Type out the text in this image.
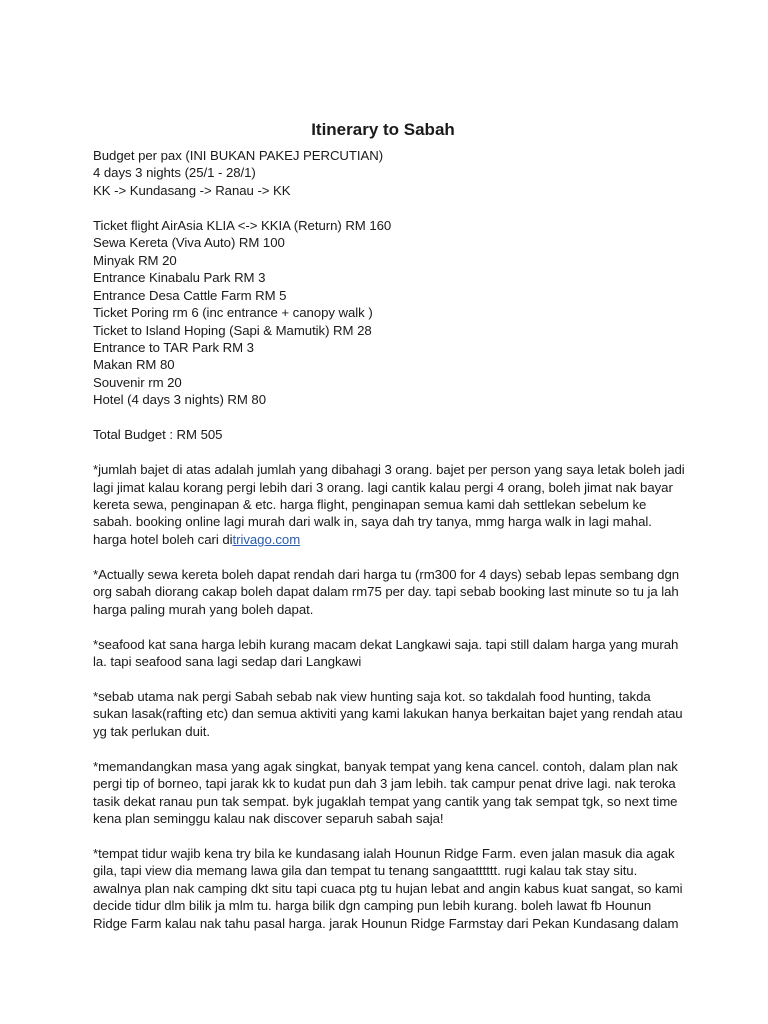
Itinerary to Sabah
Budget per pax (INI BUKAN PAKEJ PERCUTIAN)
4 days 3 nights (25/1 - 28/1)
KK -> Kundasang -> Ranau -> KK
Ticket flight AirAsia KLIA <-> KKIA (Return) RM 160
Sewa Kereta (Viva Auto) RM 100
Minyak RM 20
Entrance Kinabalu Park RM 3
Entrance Desa Cattle Farm RM 5
Ticket Poring rm 6 (inc entrance + canopy walk )
Ticket to Island Hoping (Sapi & Mamutik) RM 28
Entrance to TAR Park RM 3
Makan RM 80
Souvenir rm 20
Hotel (4 days 3 nights) RM 80
Total Budget : RM 505
*jumlah bajet di atas adalah jumlah yang dibahagi 3 orang. bajet per person yang saya letak boleh jadi
lagi jimat kalau korang pergi lebih dari 3 orang. lagi cantik kalau pergi 4 orang, boleh jimat nak bayar
kereta sewa, penginapan & etc. harga flight, penginapan semua kami dah settlekan sebelum ke
sabah. booking online lagi murah dari walk in, saya dah try tanya, mmg harga walk in lagi mahal.
harga hotel boleh cari ditrivago.com
*Actually sewa kereta boleh dapat rendah dari harga tu (rm300 for 4 days) sebab lepas sembang dgn
org sabah diorang cakap boleh dapat dalam rm75 per day. tapi sebab booking last minute so tu ja lah
harga paling murah yang boleh dapat.
*seafood kat sana harga lebih kurang macam dekat Langkawi saja. tapi still dalam harga yang murah
la. tapi seafood sana lagi sedap dari Langkawi
*sebab utama nak pergi Sabah sebab nak view hunting saja kot. so takdalah food hunting, takda
sukan lasak(rafting etc) dan semua aktiviti yang kami lakukan hanya berkaitan bajet yang rendah atau
yg tak perlukan duit.
*memandangkan masa yang agak singkat, banyak tempat yang kena cancel. contoh, dalam plan nak
pergi tip of borneo, tapi jarak kk to kudat pun dah 3 jam lebih. tak campur penat drive lagi. nak teroka
tasik dekat ranau pun tak sempat. byk jugaklah tempat yang cantik yang tak sempat tgk, so next time
kena plan seminggu kalau nak discover separuh sabah saja!
*tempat tidur wajib kena try bila ke kundasang ialah Hounun Ridge Farm. even jalan masuk dia agak
gila, tapi view dia memang lawa gila dan tempat tu tenang sangaatttttt. rugi kalau tak stay situ.
awalnya plan nak camping dkt situ tapi cuaca ptg tu hujan lebat and angin kabus kuat sangat, so kami
decide tidur dlm bilik ja mlm tu. harga bilik dgn camping pun lebih kurang. boleh lawat fb Hounun
Ridge Farm kalau nak tahu pasal harga. jarak Hounun Ridge Farmstay dari Pekan Kundasang dalam
